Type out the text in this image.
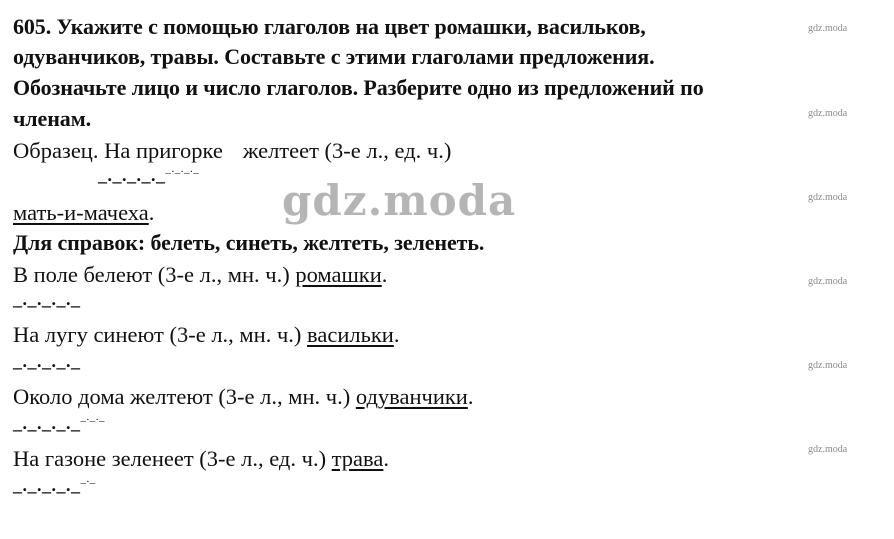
605. Укажите с помощью глаголов на цвет ромашки, васильков,
одуванчиков, травы. Составьте с этими глаголами предложения.
Обозначьте лицо и число глаголов. Разберите одно из предложений по
членам.
Образец. На пригорке желтеет (3-е л., ед. ч.)
_._._._.__._._._
мать-и-мачеха.
Для справок: белеть, синеть, желтеть, зеленеть.
В поле белеют (3-е л., мн. ч.) ромашки.
_._._._._
На лугу синеют (3-е л., мн. ч.) васильки.
_._._._._
Около дома желтеют (3-е л., мн. ч.) одуванчики.
_._._._.__._._
На газоне зеленеет (3-е л., ед. ч.) трава.
_._._._.__._
gdz.moda
gdz.moda
gdz.moda
gdz.moda
gdz.moda
gdz.moda
gdz.moda
